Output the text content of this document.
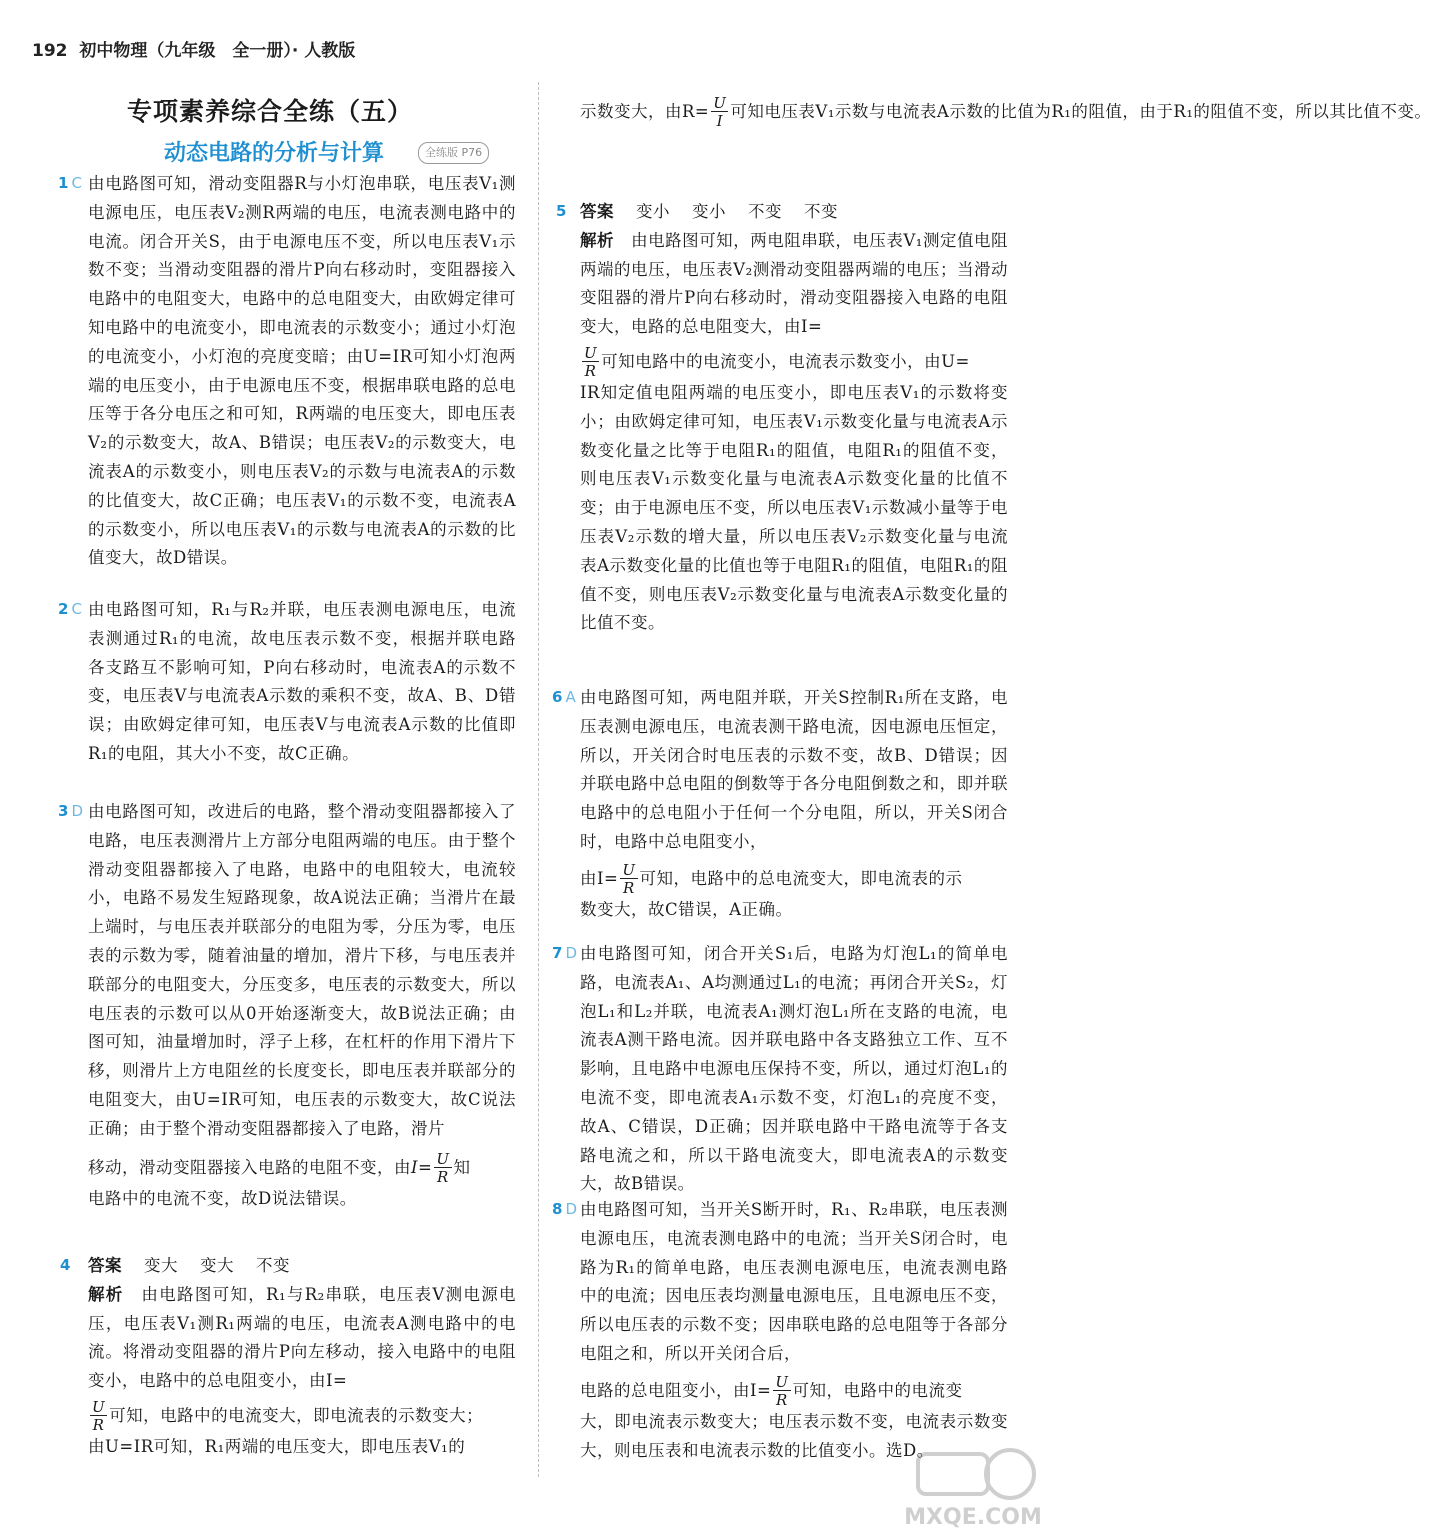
192 初中物理（九年级　全一册）· 人教版
专项素养综合全练（五）
动态电路的分析与计算	全练版 P76
1 C 由电路图可知，滑动变阻器R与小灯泡串联，电压表V₁测电源电压，电压表V₂测R两端的电压，电流表测电路中的电流。闭合开关S，由于电源电压不变，所以电压表V₁示数不变；当滑动变阻器的滑片P向右移动时，变阻器接入电路中的电阻变大，电路中的总电阻变大，由欧姆定律可知电路中的电流变小，即电流表的示数变小；通过小灯泡的电流变小，小灯泡的亮度变暗；由U=IR可知小灯泡两端的电压变小，由于电源电压不变，根据串联电路的总电压等于各分电压之和可知，R两端的电压变大，即电压表V₂的示数变大，故A、B错误；电压表V₂的示数变大，电流表A的示数变小，则电压表V₂的示数与电流表A的示数的比值变大，故C正确；电压表V₁的示数不变，电流表A的示数变小，所以电压表V₁的示数与电流表A的示数的比值变大，故D错误。
2 C 由电路图可知，R₁与R₂并联，电压表测电源电压，电流表测通过R₁的电流，故电压表示数不变，根据并联电路各支路互不影响可知，P向右移动时，电流表A的示数不变，电压表V与电流表A示数的乘积不变，故A、B、D错误；由欧姆定律可知，电压表V与电流表A示数的比值即R₁的电阻，其大小不变，故C正确。
3 D 由电路图可知，改进后的电路，整个滑动变阻器都接入了电路，电压表测滑片上方部分电阻两端的电压。由于整个滑动变阻器都接入了电路，电路中的电阻较大，电流较小，电路不易发生短路现象，故A说法正确；当滑片在最上端时，与电压表并联部分的电阻为零，分压为零，电压表的示数为零，随着油量的增加，滑片下移，与电压表并联部分的电阻变大，分压变多，电压表的示数变大，所以电压表的示数可以从0开始逐渐变大，故B说法正确；由图可知，油量增加时，浮子上移，在杠杆的作用下滑片下移，则滑片上方电阻丝的长度变长，即电压表并联部分的电阻变大，由U=IR可知，电压表的示数变大，故C说法正确；由于整个滑动变阻器都接入了电路，滑片
移动，滑动变阻器接入电路的电阻不变，由$I= \frac{U}{R}$ 知
电路中的电流不变，故D说法错误。
4 答案 变大 变大 不变
解析　 由电路图可知，R₁与R₂串联，电压表V测电源电压，电压表V₁测R₁两端的电压，电流表A测电路中的电流。将滑动变阻器的滑片P向左移动，接入电路中的电阻变小，电路中的总电阻变小，由I=
$\frac{U}{R}$ 可知，电路中的电流变大，即电流表的示数变大；
由U=IR可知，R₁两端的电压变大，即电压表V₁的
示数变大，由$R= \frac{U}{I}$ 可知电压表V₁示数与电流表A示数的比值为R₁的阻值，由于R₁的阻值不变，所以其比值不变。
5 答案 变小 变小 不变 不变
解析　 由电路图可知，两电阻串联，电压表V₁测定值电阻两端的电压，电压表V₂测滑动变阻器两端的电压；当滑动变阻器的滑片P向右移动时，滑动变阻器接入电路的电阻变大，电路的总电阻变大，由I=
$\frac{U}{R}$ 可知电路中的电流变小，电流表示数变小，由U=
IR知定值电阻两端的电压变小，即电压表V₁的示数将变小；由欧姆定律可知，电压表V₁示数变化量与电流表A示数变化量之比等于电阻R₁的阻值，电阻R₁的阻值不变，则电压表V₁示数变化量与电流表A示数变化量的比值不变；由于电源电压不变，所以电压表V₁示数减小量等于电压表V₂示数的增大量，所以电压表V₂示数变化量与电流表A示数变化量的比值也等于电阻R₁的阻值，电阻R₁的阻值不变，则电压表V₂示数变化量与电流表A示数变化量的比值不变。
6 A 由电路图可知，两电阻并联，开关S控制R₁所在支路，电压表测电源电压，电流表测干路电流，因电源电压恒定，所以，开关闭合时电压表的示数不变，故B、D错误；因并联电路中总电阻的倒数等于各分电阻倒数之和，即并联电路中的总电阻小于任何一个分电阻，所以，开关S闭合时，电路中总电阻变小，
由$I= \frac{U}{R}$ 可知，电路中的总电流变大，即电流表的示
数变大，故C错误，A正确。
7 D 由电路图可知，闭合开关S₁后，电路为灯泡L₁的简单电路，电流表A₁、A均测通过L₁的电流；再闭合开关S₂，灯泡L₁和L₂并联，电流表A₁测灯泡L₁所在支路的电流，电流表A测干路电流。因并联电路中各支路独立工作、互不影响，且电路中电源电压保持不变，所以，通过灯泡L₁的电流不变，即电流表A₁示数不变，灯泡L₁的亮度不变，故A、C错误，D正确；因并联电路中干路电流等于各支路电流之和，所以干路电流变大，即电流表A的示数变大，故B错误。
8 D 由电路图可知，当开关S断开时，R₁、R₂串联，电压表测电源电压，电流表测电路中的电流；当开关S闭合时，电路为R₁的简单电路，电压表测电源电压，电流表测电路中的电流；因电压表均测量电源电压，且电源电压不变，所以电压表的示数不变；因串联电路的总电阻等于各部分电阻之和，所以开关闭合后，
电路的总电阻变小，由$I= \frac{U}{R}$ 可知，电路中的电流变
大，即电流表示数变大；电压表示数不变，电流表示数变大，则电压表和电流表示数的比值变小。选D。
MXQE.COM
